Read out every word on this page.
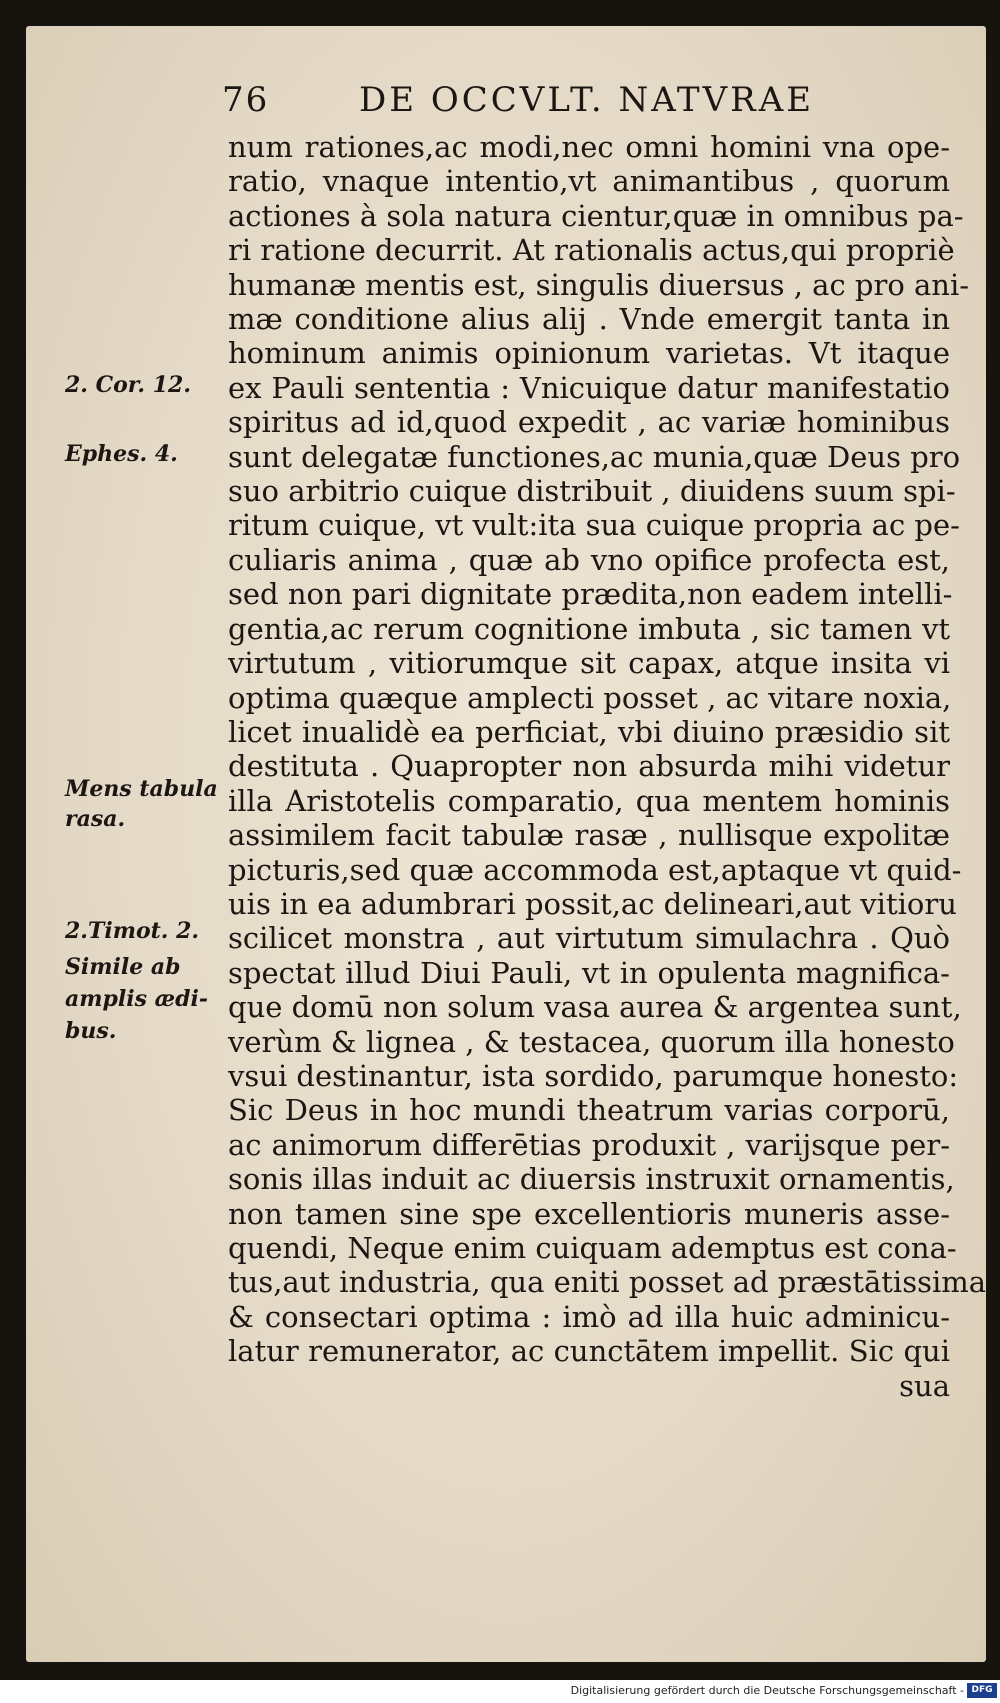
76	DE OCCVLT. NATVRAE
num rationes,ac modi,nec omni homini vna ope-
ratio, vnaque intentio,vt animantibus , quorum
actiones à sola natura cientur,quæ in omnibus pa-
ri ratione decurrit. At rationalis actus,qui propriè
humanæ mentis est, singulis diuersus , ac pro ani-
mæ conditione alius alij . Vnde emergit tanta in
hominum animis opinionum varietas. Vt itaque
ex Pauli sententia : Vnicuique datur manifestatio
spiritus ad id,quod expedit , ac variæ hominibus
sunt delegatæ functiones,ac munia,quæ Deus pro
suo arbitrio cuique distribuit , diuidens suum spi-
ritum cuique, vt vult:ita sua cuique propria ac pe-
culiaris anima , quæ ab vno opifice profecta est,
sed non pari dignitate prædita,non eadem intelli-
gentia,ac rerum cognitione imbuta , sic tamen vt
virtutum , vitiorumque sit capax, atque insita vi
optima quæque amplecti posset , ac vitare noxia,
licet inualidè ea perficiat, vbi diuino præsidio sit
destituta . Quapropter non absurda mihi videtur
illa Aristotelis comparatio, qua mentem hominis
assimilem facit tabulæ rasæ , nullisque expolitæ
picturis,sed quæ accommoda est,aptaque vt quid-
uis in ea adumbrari possit,ac delineari,aut vitioru
scilicet monstra , aut virtutum simulachra . Quò
spectat illud Diui Pauli, vt in opulenta magnifica-
que domū non solum vasa aurea & argentea sunt,
verùm & lignea , & testacea, quorum illa honesto
vsui destinantur, ista sordido, parumque honesto:
Sic Deus in hoc mundi theatrum varias corporū,
ac animorum differētias produxit , varijsque per-
sonis illas induit ac diuersis instruxit ornamentis,
non tamen sine spe excellentioris muneris asse-
quendi, Neque enim cuiquam ademptus est cona-
tus,aut industria, qua eniti posset ad præstātissima
& consectari optima : imò ad illa huic adminicu-
latur remunerator, ac cunctātem impellit. Sic qui
sua
2. Cor. 12.
Ephes. 4.
Mens tabula
rasa.
2.Timot. 2.
Simile ab
amplis ædi-
bus.
Digitalisierung gefördert durch die Deutsche Forschungsgemeinschaft - DFG
